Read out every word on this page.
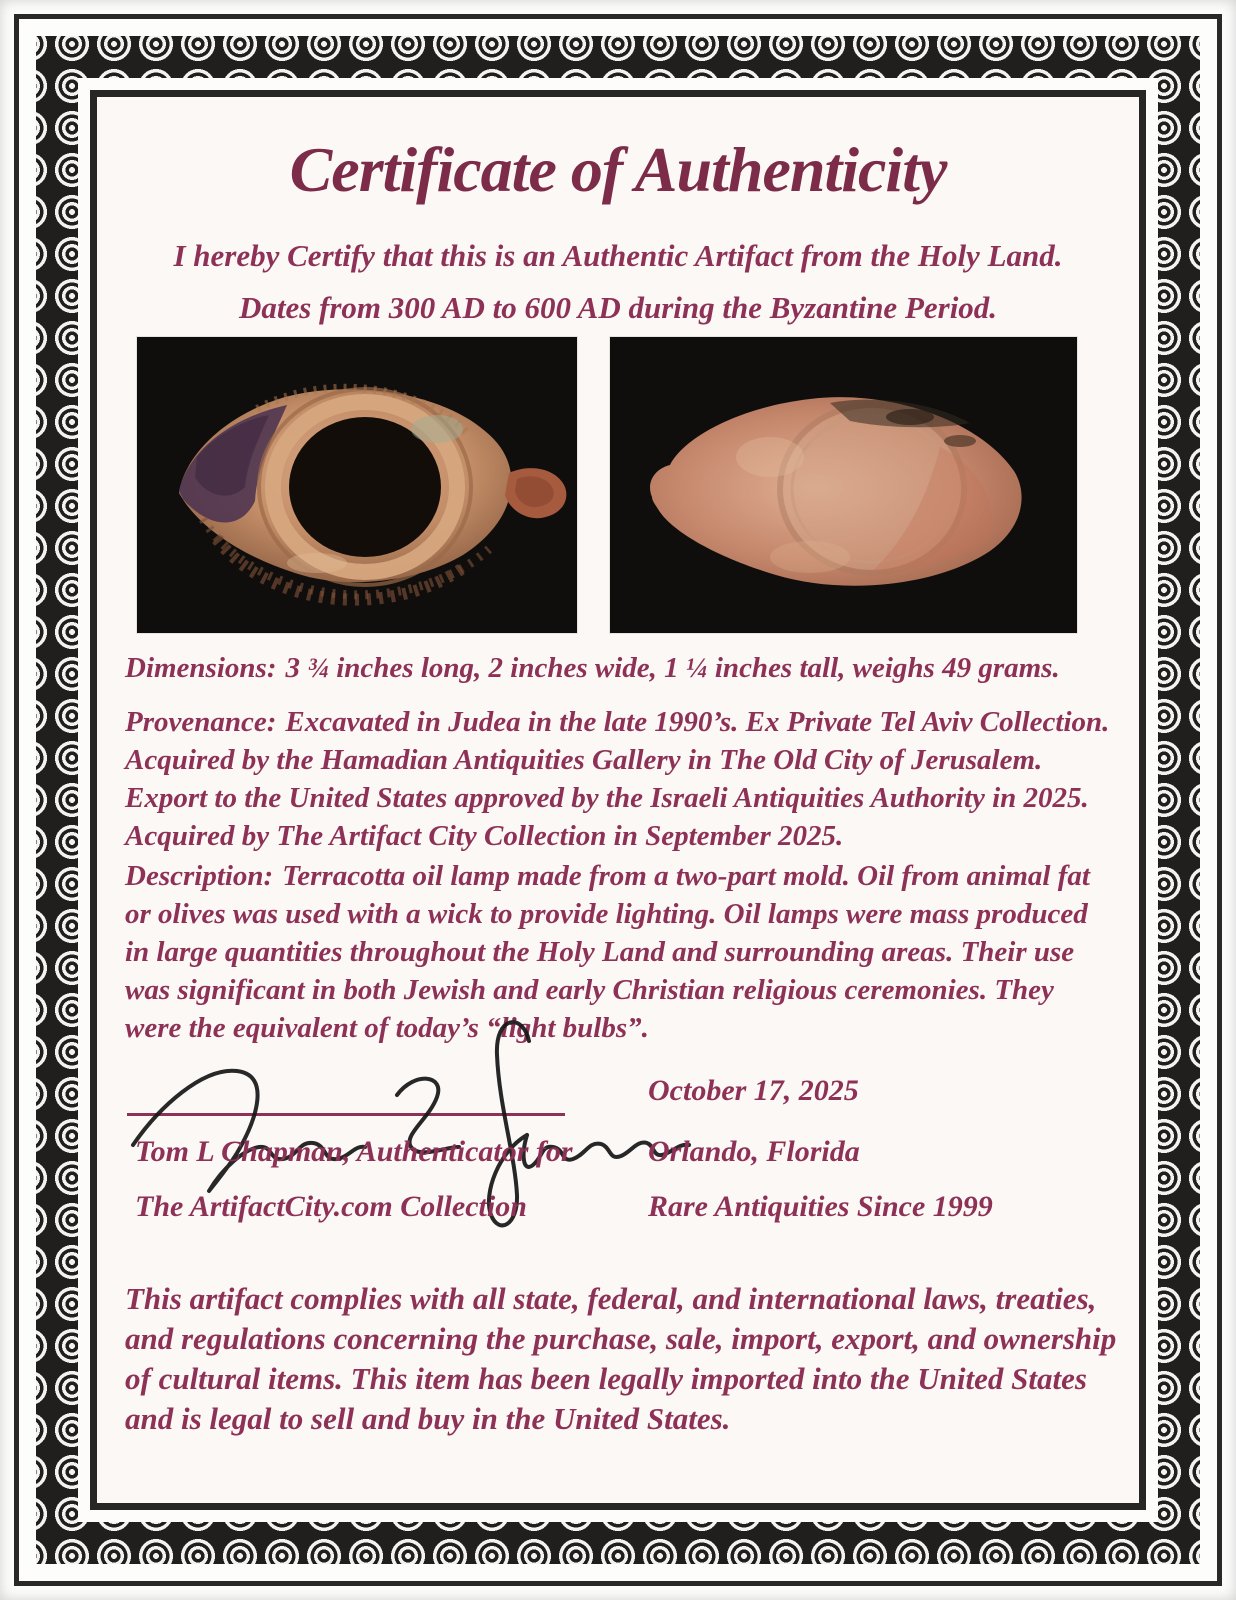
Certificate of Authenticity
I hereby Certify that this is an Authentic Artifact from the Holy Land.
Dates from 300 AD to 600 AD during the Byzantine Period.

Dimensions: 3 ¾ inches long, 2 inches wide, 1 ¼ inches tall, weighs 49 grams.

Provenance: Excavated in Judea in the late 1990’s. Ex Private Tel Aviv Collection. Acquired by the Hamadian Antiquities Gallery in The Old City of Jerusalem. Export to the United States approved by the Israeli Antiquities Authority in 2025. Acquired by The Artifact City Collection in September 2025.

Description: Terracotta oil lamp made from a two-part mold. Oil from animal fat or olives was used with a wick to provide lighting. Oil lamps were mass produced in large quantities throughout the Holy Land and surrounding areas. Their use was significant in both Jewish and early Christian religious ceremonies. They were the equivalent of today’s “light bulbs”.

October 17, 2025
Tom L Chapman, Authenticator for	Orlando, Florida
The ArtifactCity.com Collection	Rare Antiquities Since 1999

This artifact complies with all state, federal, and international laws, treaties, and regulations concerning the purchase, sale, import, export, and ownership of cultural items. This item has been legally imported into the United States and is legal to sell and buy in the United States.
